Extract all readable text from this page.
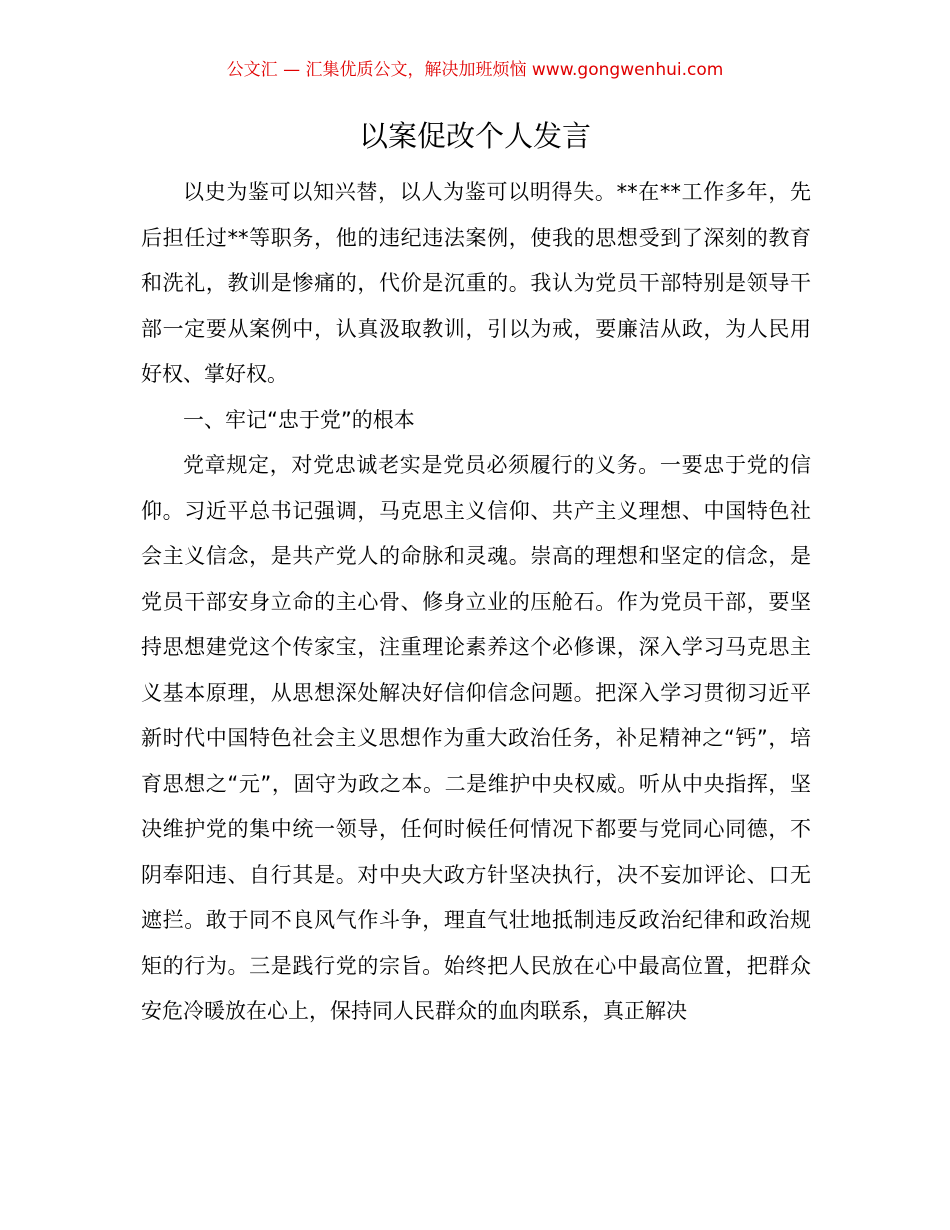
公文汇 — 汇集优质公文，解决加班烦恼 www.gongwenhui.com
以案促改个人发言

以史为鉴可以知兴替，以人为鉴可以明得失。**在**工作多年，先后担任过**等职务，他的违纪违法案例，使我的思想受到了深刻的教育和洗礼，教训是惨痛的，代价是沉重的。我认为党员干部特别是领导干部一定要从案例中，认真汲取教训，引以为戒，要廉洁从政，为人民用好权、掌好权。

一、牢记“忠于党”的根本

党章规定，对党忠诚老实是党员必须履行的义务。一要忠于党的信仰。习近平总书记强调，马克思主义信仰、共产主义理想、中国特色社会主义信念，是共产党人的命脉和灵魂。崇高的理想和坚定的信念，是党员干部安身立命的主心骨、修身立业的压舱石。作为党员干部，要坚持思想建党这个传家宝，注重理论素养这个必修课，深入学习马克思主义基本原理，从思想深处解决好信仰信念问题。把深入学习贯彻习近平新时代中国特色社会主义思想作为重大政治任务，补足精神之“钙”，培育思想之“元”，固守为政之本。二是维护中央权威。听从中央指挥，坚决维护党的集中统一领导，任何时候任何情况下都要与党同心同德，不阴奉阳违、自行其是。对中央大政方针坚决执行，决不妄加评论、口无遮拦。敢于同不良风气作斗争，理直气壮地抵制违反政治纪律和政治规矩的行为。三是践行党的宗旨。始终把人民放在心中最高位置，把群众安危冷暖放在心上，保持同人民群众的血肉联系，真正解决
